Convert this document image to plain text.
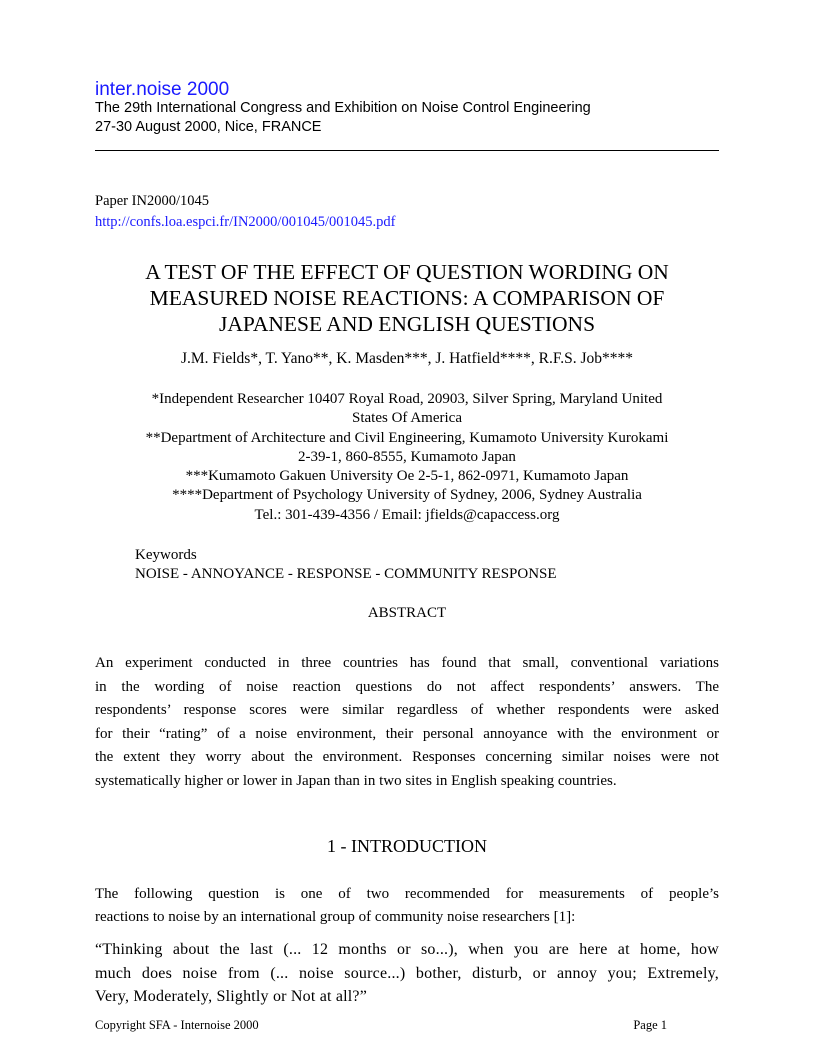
inter.noise 2000
The 29th International Congress and Exhibition on Noise Control Engineering
27-30 August 2000, Nice, FRANCE
Paper IN2000/1045
http://confs.loa.espci.fr/IN2000/001045/001045.pdf
A TEST OF THE EFFECT OF QUESTION WORDING ON
MEASURED NOISE REACTIONS: A COMPARISON OF
JAPANESE AND ENGLISH QUESTIONS
J.M. Fields*, T. Yano**, K. Masden***, J. Hatfield****, R.F.S. Job****
*Independent Researcher 10407 Royal Road, 20903, Silver Spring, Maryland United
States Of America
**Department of Architecture and Civil Engineering, Kumamoto University Kurokami
2-39-1, 860-8555, Kumamoto Japan
***Kumamoto Gakuen University Oe 2-5-1, 862-0971, Kumamoto Japan
****Department of Psychology University of Sydney, 2006, Sydney Australia
Tel.: 301-439-4356 / Email: jfields@capaccess.org
Keywords
NOISE - ANNOYANCE - RESPONSE - COMMUNITY RESPONSE
ABSTRACT
An experiment conducted in three countries has found that small, conventional variations
in the wording of noise reaction questions do not affect respondents’ answers. The
respondents’ response scores were similar regardless of whether respondents were asked
for their “rating” of a noise environment, their personal annoyance with the environment or
the extent they worry about the environment. Responses concerning similar noises were not
systematically higher or lower in Japan than in two sites in English speaking countries.
1 - INTRODUCTION
The following question is one of two recommended for measurements of people’s
reactions to noise by an international group of community noise researchers [1]:
“Thinking about the last (... 12 months or so...), when you are here at home, how
much does noise from (... noise source...) bother, disturb, or annoy you; Extremely,
Very, Moderately, Slightly or Not at all?”
Copyright SFA - Internoise 2000	Page 1
